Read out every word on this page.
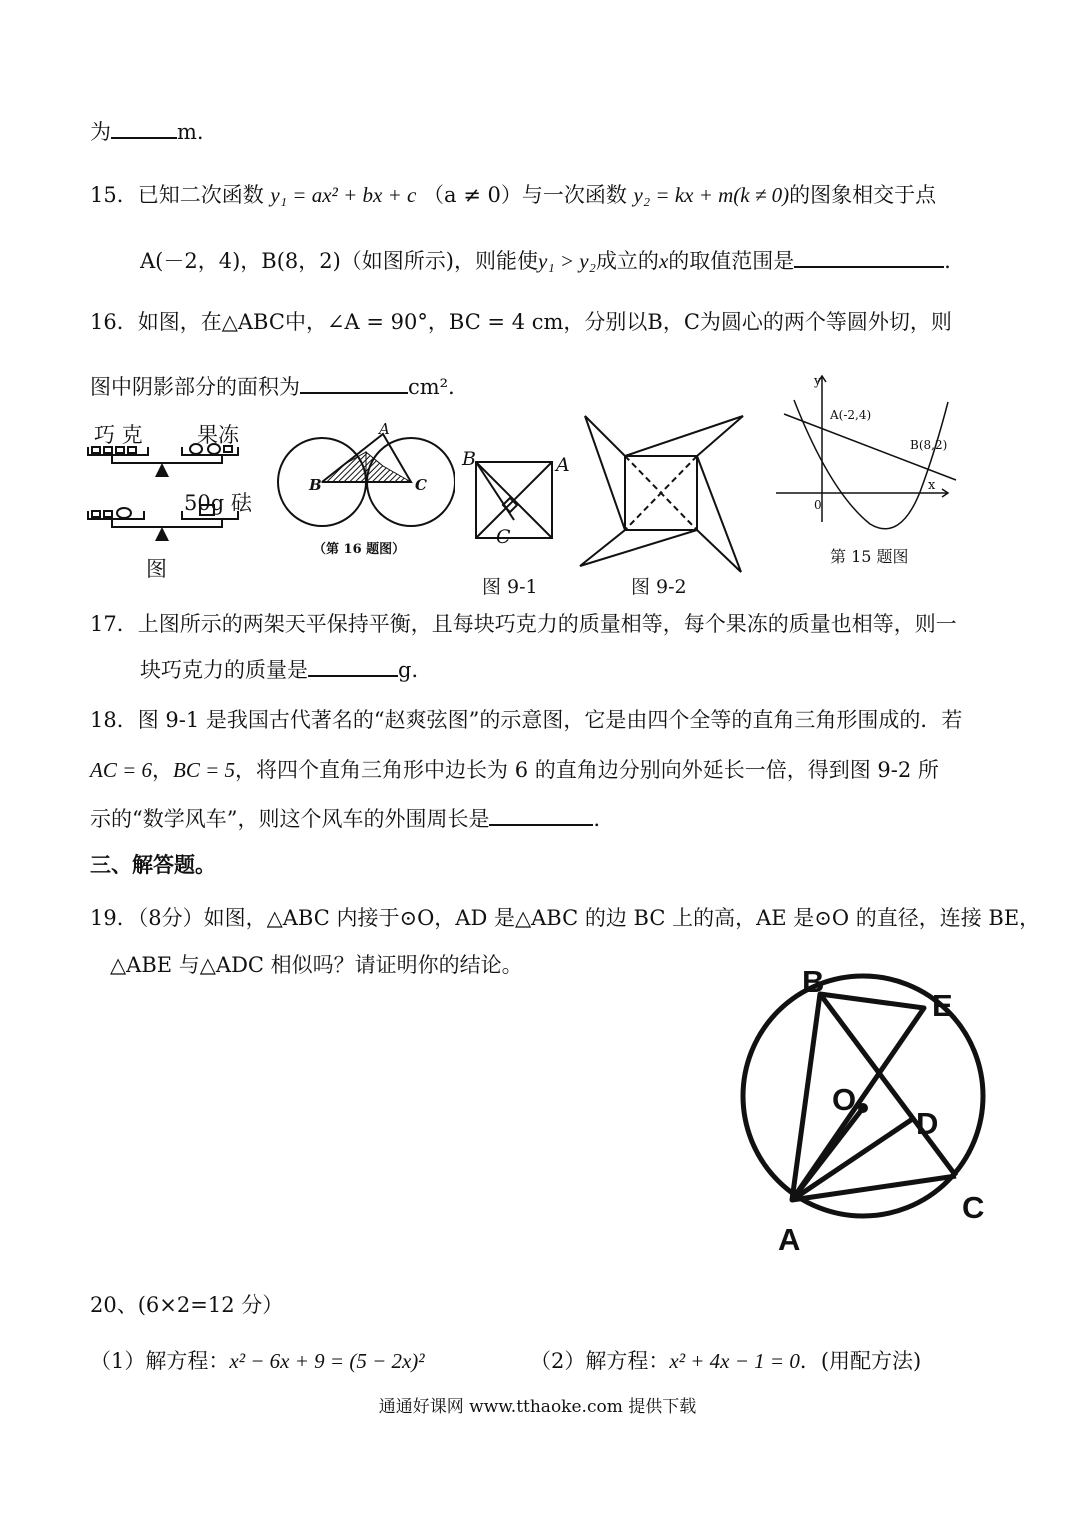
为	m.
15．已知二次函数 y₁ = ax² + bx + c （a ≠ 0）与一次函数 y₂ = kx + m(k ≠ 0)的图象相交于点
A(－2，4)，B(8，2)（如图所示)，则能使y₁ > y₂成立的x的取值范围是	．
16．如图，在△ABC中，∠A = 90°，BC = 4 cm，分别以B，C为圆心的两个等圆外切，则
图中阴影部分的面积为	cm²．
巧 克	果冻
50g 砝
图
A
B	C
（第 16 题图）
B	A
C
图 9-1	图 9-2
y
A(-2,4)
B(8,2)
x
0
第 15 题图
17．上图所示的两架天平保持平衡，且每块巧克力的质量相等，每个果冻的质量也相等，则一
块巧克力的质量是	g．
18．图 9-1 是我国古代著名的“赵爽弦图”的示意图，它是由四个全等的直角三角形围成的．若
AC = 6，BC = 5，将四个直角三角形中边长为 6 的直角边分别向外延长一倍，得到图 9-2 所
示的“数学风车”，则这个风车的外围周长是	．
三、解答题。
19．（8分）如图，△ABC 内接于⊙O，AD 是△ABC 的边 BC 上的高，AE 是⊙O 的直径，连接 BE，
△ABE 与△ADC 相似吗？请证明你的结论。	B
E
O
D
C
A
20、(6×2=12 分）
（1）解方程：x² − 6x + 9 = (5 − 2x)²	（2）解方程：x² + 4x − 1 = 0．(用配方法)
通通好课网 www.tthaoke.com 提供下载
